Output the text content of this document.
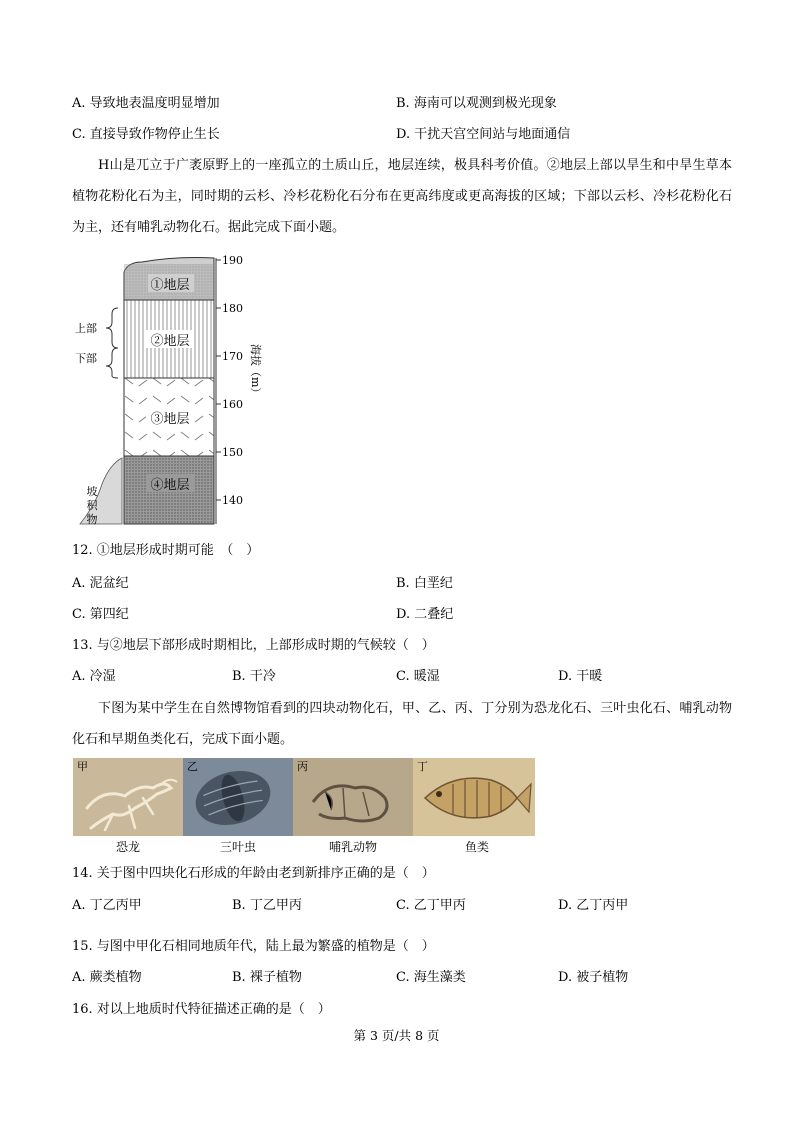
A. 导致地表温度明显增加	B. 海南可以观测到极光现象
C. 直接导致作物停止生长	D. 干扰天宫空间站与地面通信
H山是兀立于广袤原野上的一座孤立的土质山丘，地层连续，极具科考价值。②地层上部以旱生和中旱生草本植物花粉化石为主，同时期的云杉、冷杉花粉化石分布在更高纬度或更高海拔的区域；下部以云杉、冷杉花粉化石为主，还有哺乳动物化石。据此完成下面小题。
坡
积
物
①地层
②地层
③地层
④地层
上部
下部
190
180
170
160
150
140
海拔（m）
12. ①地层形成时期可能　（　）
A. 泥盆纪	B. 白垩纪
C. 第四纪	D. 二叠纪
13. 与②地层下部形成时期相比，上部形成时期的气候较（　）
A. 冷湿	B. 干冷	C. 暖湿	D. 干暖
下图为某中学生在自然博物馆看到的四块动物化石，甲、乙、丙、丁分别为恐龙化石、三叶虫化石、哺乳动物化石和早期鱼类化石，完成下面小题。
甲	乙	丙	丁
恐龙	三叶虫	哺乳动物	鱼类
14. 关于图中四块化石形成的年龄由老到新排序正确的是（　）
A. 丁乙丙甲	B. 丁乙甲丙	C. 乙丁甲丙	D. 乙丁丙甲
15. 与图中甲化石相同地质年代，陆上最为繁盛的植物是（　）
A. 蕨类植物	B. 裸子植物	C. 海生藻类	D. 被子植物
16. 对以上地质时代特征描述正确的是（　）
第 3 页/共 8 页
